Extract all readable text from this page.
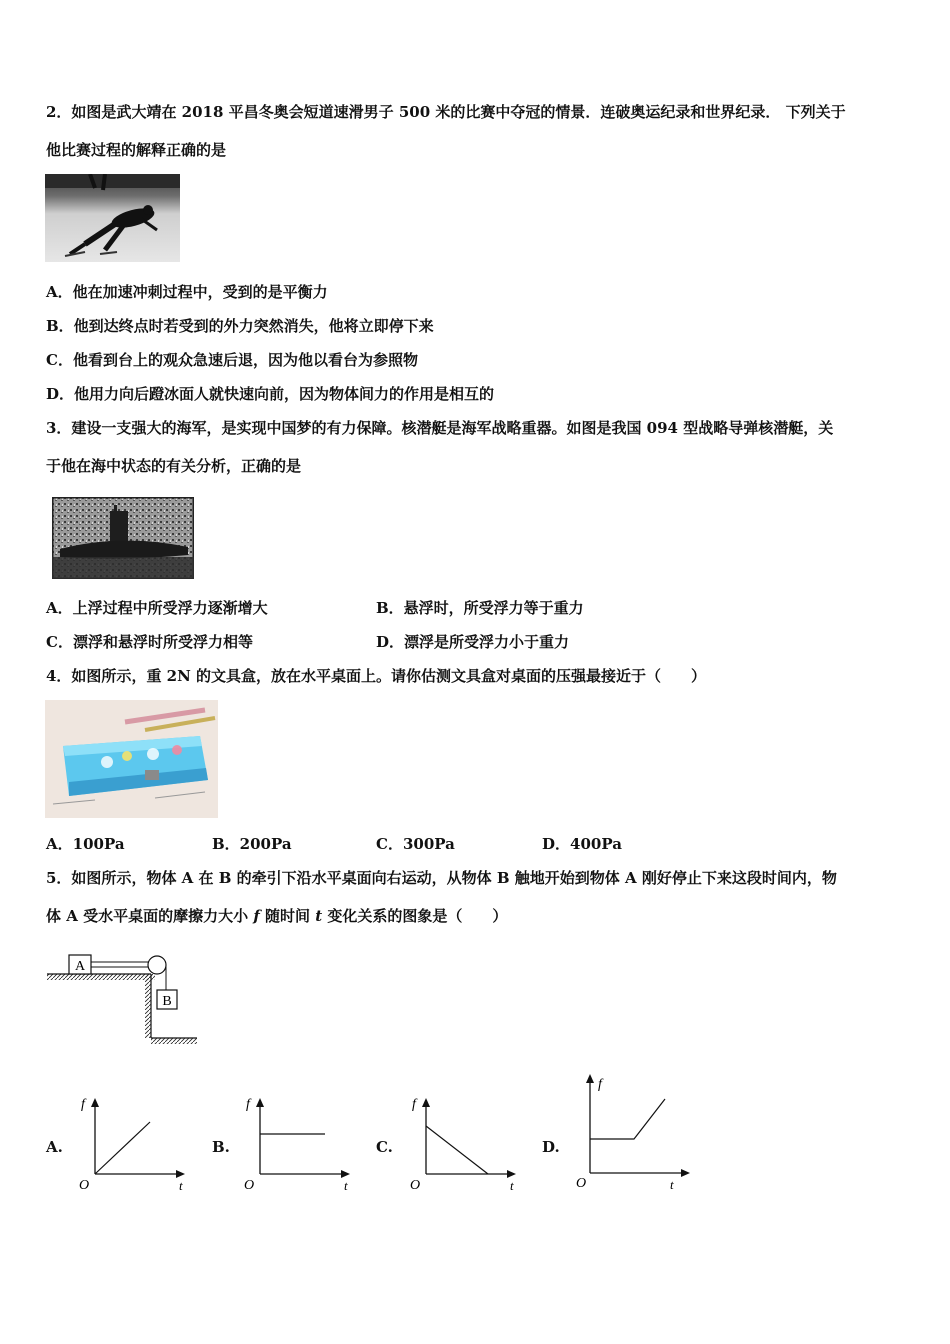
2．如图是武大靖在 2018 平昌冬奥会短道速滑男子 500 米的比赛中夺冠的情景．连破奥运纪录和世界纪录． 下列关于
他比赛过程的解释正确的是
A．他在加速冲刺过程中，受到的是平衡力
B．他到达终点时若受到的外力突然消失，他将立即停下来
C．他看到台上的观众急速后退，因为他以看台为参照物
D．他用力向后蹬冰面人就快速向前，因为物体间力的作用是相互的
3．建设一支强大的海军，是实现中国梦的有力保障。核潜艇是海军战略重器。如图是我国 094 型战略导弹核潜艇，关
于他在海中状态的有关分析，正确的是
A．上浮过程中所受浮力逐渐增大	B．悬浮时，所受浮力等于重力
C．漂浮和悬浮时所受浮力相等	D．漂浮是所受浮力小于重力
4．如图所示，重 2N 的文具盒，放在水平桌面上。请你估测文具盒对桌面的压强最接近于（　　）
A．100Pa	B．200Pa	C．300Pa	D．400Pa
5．如图所示，物体 A 在 B 的牵引下沿水平桌面向右运动，从物体 B 触地开始到物体 A 刚好停止下来这段时间内，物
体 A 受水平桌面的摩擦力大小 f 随时间 t 变化关系的图象是（　　）
A
B
A.	B.	C.	D.
f
O	t
f
O	t
f
O	t
f
O	t
